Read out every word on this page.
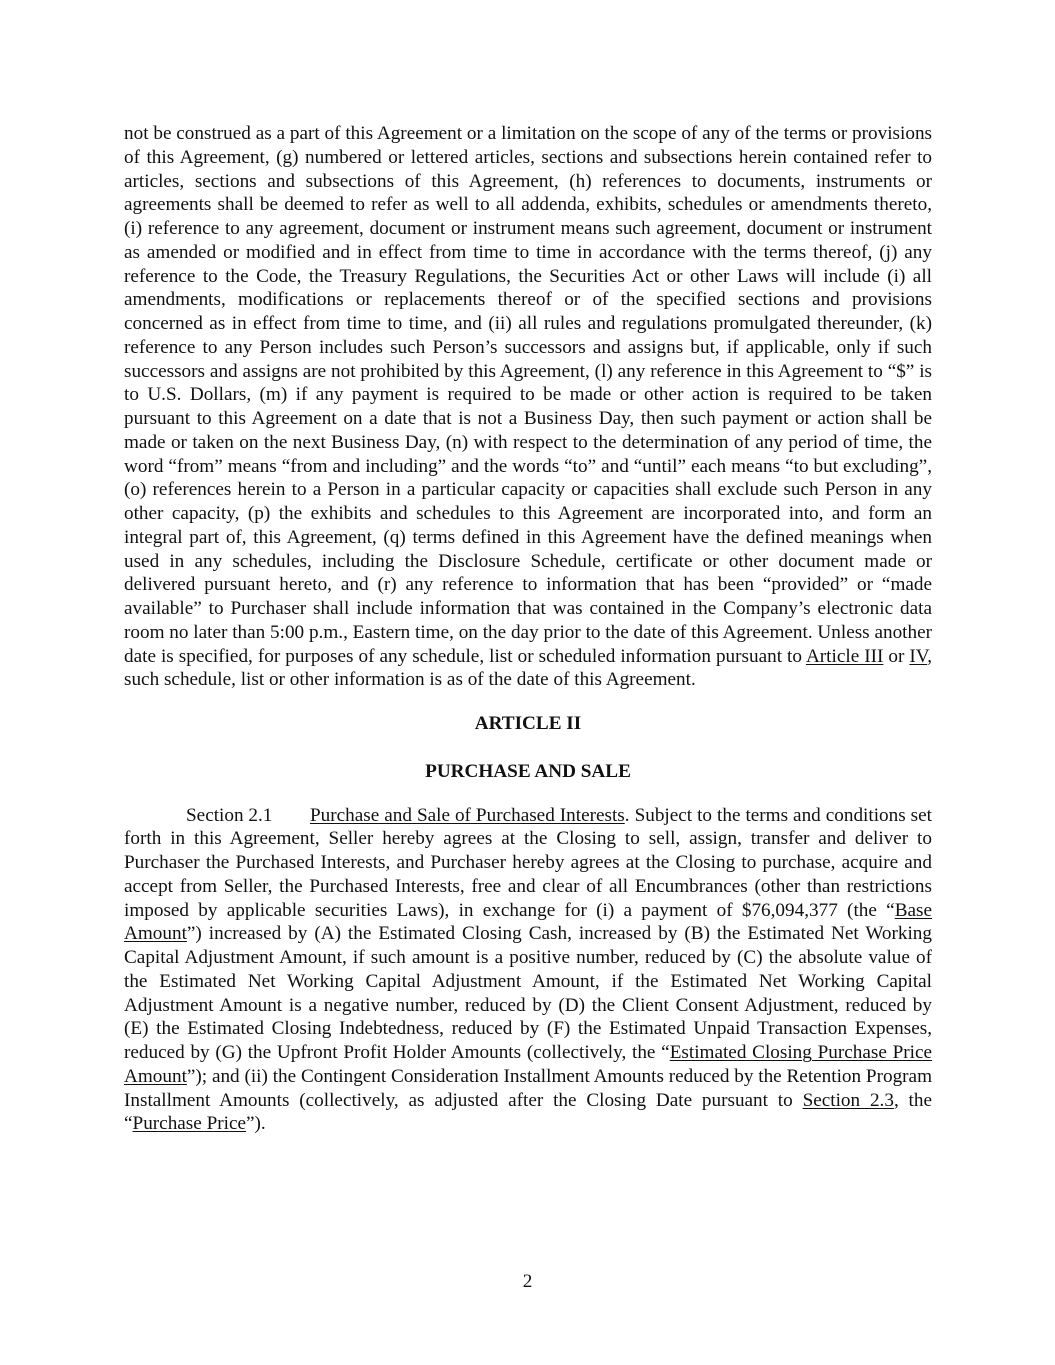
not be construed as a part of this Agreement or a limitation on the scope of any of the terms or provisions of this Agreement, (g) numbered or lettered articles, sections and subsections herein contained refer to articles, sections and subsections of this Agreement, (h) references to documents, instruments or agreements shall be deemed to refer as well to all addenda, exhibits, schedules or amendments thereto, (i) reference to any agreement, document or instrument means such agreement, document or instrument as amended or modified and in effect from time to time in accordance with the terms thereof, (j) any reference to the Code, the Treasury Regulations, the Securities Act or other Laws will include (i) all amendments, modifications or replacements thereof or of the specified sections and provisions concerned as in effect from time to time, and (ii) all rules and regulations promulgated thereunder, (k) reference to any Person includes such Person’s successors and assigns but, if applicable, only if such successors and assigns are not prohibited by this Agreement, (l) any reference in this Agreement to “$” is to U.S. Dollars, (m) if any payment is required to be made or other action is required to be taken pursuant to this Agreement on a date that is not a Business Day, then such payment or action shall be made or taken on the next Business Day, (n) with respect to the determination of any period of time, the word “from” means “from and including” and the words “to” and “until” each means “to but excluding”, (o) references herein to a Person in a particular capacity or capacities shall exclude such Person in any other capacity, (p) the exhibits and schedules to this Agreement are incorporated into, and form an integral part of, this Agreement, (q) terms defined in this Agreement have the defined meanings when used in any schedules, including the Disclosure Schedule, certificate or other document made or delivered pursuant hereto, and (r) any reference to information that has been “provided” or “made available” to Purchaser shall include information that was contained in the Company’s electronic data room no later than 5:00 p.m., Eastern time, on the day prior to the date of this Agreement. Unless another date is specified, for purposes of any schedule, list or scheduled information pursuant to Article III or IV, such schedule, list or other information is as of the date of this Agreement.

ARTICLE II

PURCHASE AND SALE

Section 2.1 Purchase and Sale of Purchased Interests. Subject to the terms and conditions set forth in this Agreement, Seller hereby agrees at the Closing to sell, assign, transfer and deliver to Purchaser the Purchased Interests, and Purchaser hereby agrees at the Closing to purchase, acquire and accept from Seller, the Purchased Interests, free and clear of all Encumbrances (other than restrictions imposed by applicable securities Laws), in exchange for (i) a payment of $76,094,377 (the “Base Amount”) increased by (A) the Estimated Closing Cash, increased by (B) the Estimated Net Working Capital Adjustment Amount, if such amount is a positive number, reduced by (C) the absolute value of the Estimated Net Working Capital Adjustment Amount, if the Estimated Net Working Capital Adjustment Amount is a negative number, reduced by (D) the Client Consent Adjustment, reduced by (E) the Estimated Closing Indebtedness, reduced by (F) the Estimated Unpaid Transaction Expenses, reduced by (G) the Upfront Profit Holder Amounts (collectively, the “Estimated Closing Purchase Price Amount”); and (ii) the Contingent Consideration Installment Amounts reduced by the Retention Program Installment Amounts (collectively, as adjusted after the Closing Date pursuant to Section 2.3, the “Purchase Price”).

2
